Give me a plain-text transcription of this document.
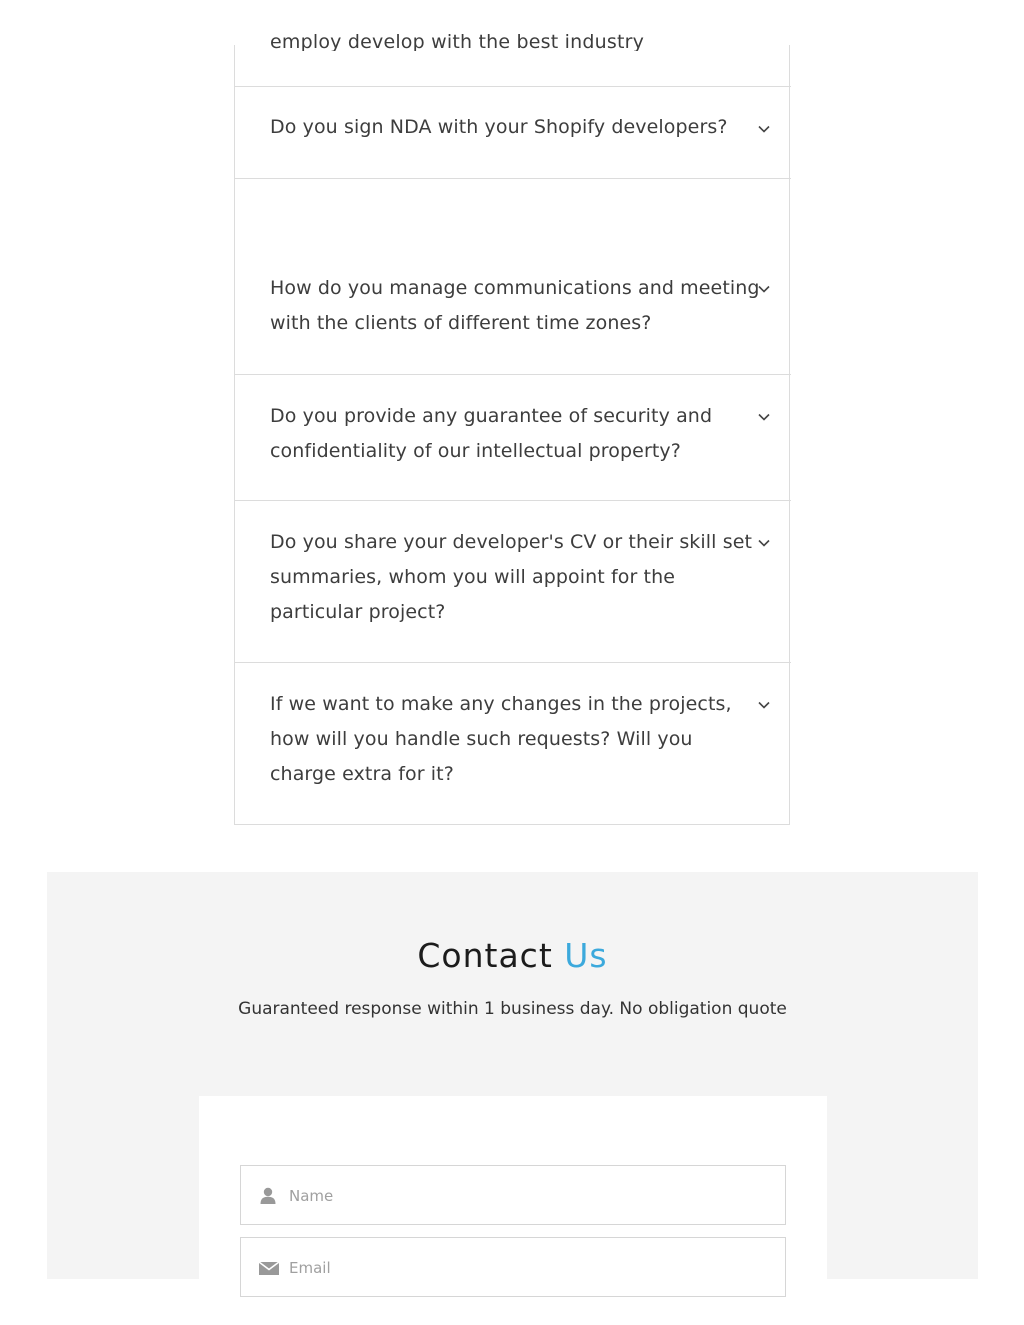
employ develop with the best industry
Do you sign NDA with your Shopify developers?
How do you manage communications and meeting with the clients of different time zones?
Do you provide any guarantee of security and confidentiality of our intellectual property?
Do you share your developer's CV or their skill set summaries, whom you will appoint for the particular project?
If we want to make any changes in the projects, how will you handle such requests? Will you charge extra for it?
Contact Us
Guaranteed response within 1 business day. No obligation quote
Name
Email
